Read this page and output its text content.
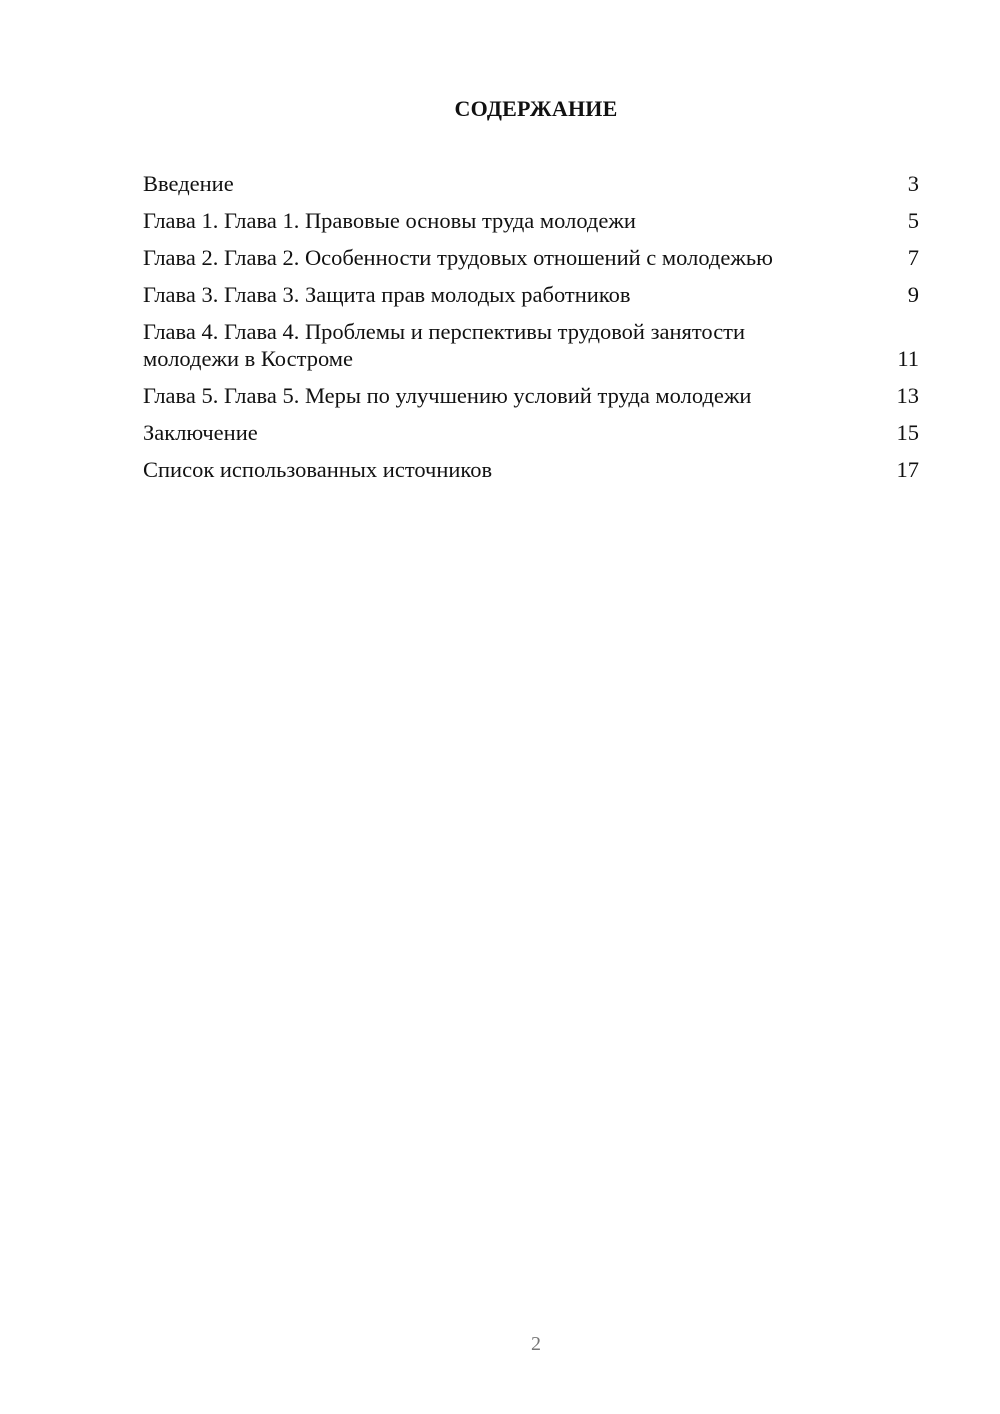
СОДЕРЖАНИЕ
Введение	3
Глава 1. Глава 1. Правовые основы труда молодежи	5
Глава 2. Глава 2. Особенности трудовых отношений с молодежью	7
Глава 3. Глава 3. Защита прав молодых работников	9
Глава 4. Глава 4. Проблемы и перспективы трудовой занятости молодежи в Костроме	11
Глава 5. Глава 5. Меры по улучшению условий труда молодежи	13
Заключение	15
Список использованных источников	17
2
